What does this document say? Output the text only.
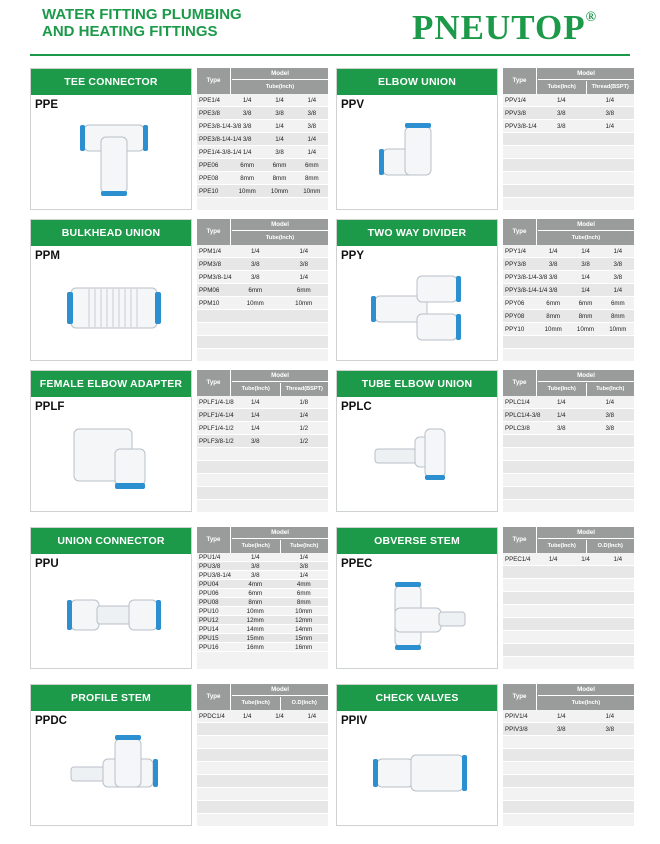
WATER FITTING PLUMBING
AND HEATING FITTINGS	PNEUTOP®
TEE CONNECTOR
PPE
Type
Model
Tube(Inch)
PPE1/4	1/4	1/4	1/4
PPE3/8	3/8	3/8	3/8
PPE3/8-1/4-3/8 3/8	1/4	3/8
PPE3/8-1/4-1/4 3/8	1/4	1/4
PPE1/4-3/8-1/4 1/4	3/8	1/4
PPE06	6mm	6mm	6mm
PPE08	8mm	8mm	8mm
PPE10	10mm	10mm	10mm
ELBOW UNION
PPV
Type
Model
Tube(Inch)	Thread(BSPT)
PPV1/4	1/4	1/4
PPV3/8	3/8	3/8
PPV3/8-1/4	3/8	1/4
BULKHEAD UNION
PPM
Type
Model
Tube(Inch)
PPM1/4	1/4	1/4
PPM3/8	3/8	3/8
PPM3/8-1/4	3/8	1/4
PPM06	6mm	6mm
PPM10	10mm	10mm
TWO WAY DIVIDER
PPY
Type
Model
Tube(Inch)
PPY1/4	1/4	1/4	1/4
PPY3/8	3/8	3/8	3/8
PPY3/8-1/4-3/8 3/8	1/4	3/8
PPY3/8-1/4-1/4 3/8	1/4	1/4
PPY06	6mm	6mm	6mm
PPY08	8mm	8mm	8mm
PPY10	10mm	10mm	10mm
FEMALE ELBOW ADAPTER
PPLF
Type
Model
Tube(Inch)	Thread(BSPT)
PPLF1/4-1/8	1/4	1/8
PPLF1/4-1/4	1/4	1/4
PPLF1/4-1/2	1/4	1/2
PPLF3/8-1/2	3/8	1/2
TUBE ELBOW UNION
PPLC
Type
Model
Tube(Inch)	Tube(Inch)
PPLC1/4	1/4	1/4
PPLC1/4-3/8	1/4	3/8
PPLC3/8	3/8	3/8
UNION CONNECTOR
PPU
Type
Model
Tube(Inch)	Tube(Inch)
PPU1/4	1/4	1/4
PPU3/8	3/8	3/8
PPU3/8-1/4	3/8	1/4
PPU04	4mm	4mm
PPU06	6mm	6mm
PPU08	8mm	8mm
PPU10	10mm	10mm
PPU12	12mm	12mm
PPU14	14mm	14mm
PPU15	15mm	15mm
PPU16	16mm	16mm
OBVERSE STEM
PPEC
Type
Model
Tube(Inch)	O.D(Inch)
PPEC1/4	1/4	1/4	1/4
PROFILE STEM
PPDC
Type
Model
Tube(Inch)	O.D(Inch)
PPDC1/4	1/4	1/4	1/4
CHECK VALVES
PPIV
Type
Model
Tube(Inch)
PPIV1/4	1/4	1/4
PPIV3/8	3/8	3/8
